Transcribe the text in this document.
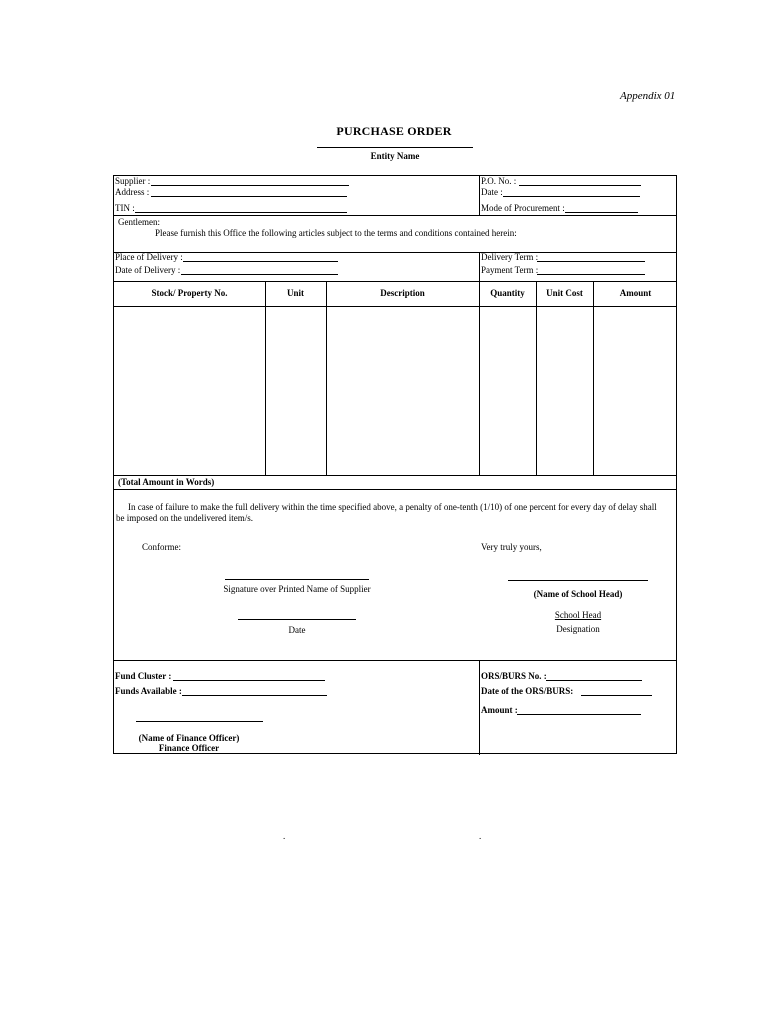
Appendix 01
PURCHASE ORDER
Entity Name
Supplier :
Address :
TIN :
P.O. No. :
Date :
Mode of Procurement :
Gentlemen:
Please furnish this Office the following articles subject to the terms and conditions contained herein:
Place of Delivery :
Date of Delivery :
Delivery Term :
Payment Term :
Stock/ Property No.	Unit	Description	Quantity	Unit Cost	Amount
(Total Amount in Words)
In case of failure to make the full delivery within the time specified above, a penalty of one-tenth (1/10) of one percent for every day of delay shall be imposed on the undelivered item/s.
Conforme:	Very truly yours,
Signature over Printed Name of Supplier
Date
(Name of School Head)
School Head
Designation
Fund Cluster :
Funds Available :
(Name of Finance Officer)
Finance Officer
ORS/BURS No. :
Date of the ORS/BURS:
Amount :
.	.
